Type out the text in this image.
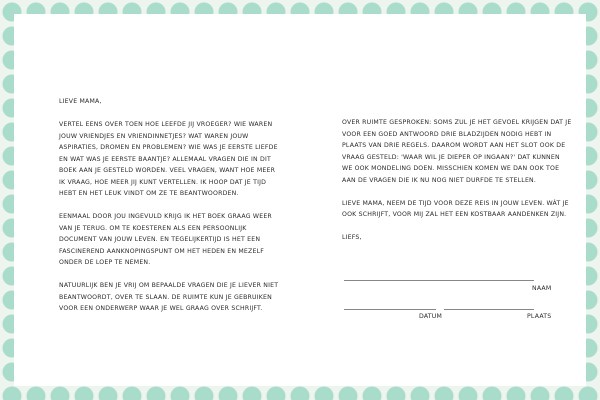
LIEVE MAMA,

VERTEL EENS OVER TOEN HOE LEEFDE JIJ VROEGER? WIE WAREN JOUW VRIENDJES EN VRIENDINNETJES? WAT WAREN JOUW ASPIRATIES, DROMEN EN PROBLEMEN? WIE WAS JE EERSTE LIEFDE EN WAT WAS JE EERSTE BAANTJE? ALLEMAAL VRAGEN DIE IN DIT BOEK AAN JE GESTELD WORDEN. VEEL VRAGEN, WANT HOE MEER IK VRAAG, HOE MEER JIJ KUNT VERTELLEN. IK HOOP DAT JE TIJD HEBT EN HET LEUK VINDT OM ZE TE BEANTWOORDEN.

EENMAAL DOOR JOU INGEVULD KRIJG IK HET BOEK GRAAG WEER VAN JE TERUG. OM TE KOESTEREN ALS EEN PERSOONLIJK DOCUMENT VAN JOUW LEVEN. EN TEGELIJKERTIJD IS HET EEN FASCINEREND AANKNOPINGSPUNT OM HET HEDEN EN MEZELF ONDER DE LOEP TE NEMEN.

NATUURLIJK BEN JE VRIJ OM BEPAALDE VRAGEN DIE JE LIEVER NIET BEANTWOORDT, OVER TE SLAAN. DE RUIMTE KUN JE GEBRUIKEN VOOR EEN ONDERWERP WAAR JE WEL GRAAG OVER SCHRIJFT.

OVER RUIMTE GESPROKEN: SOMS ZUL JE HET GEVOEL KRIJGEN DAT JE VOOR EEN GOED ANTWOORD DRIE BLADZIJDEN NODIG HEBT IN PLAATS VAN DRIE REGELS. DAAROM WORDT AAN HET SLOT OOK DE VRAAG GESTELD: 'WAAR WIL JE DIEPER OP INGAAN?' DAT KUNNEN WE OOK MONDELING DOEN. MISSCHIEN KOMEN WE DAN OOK TOE AAN DE VRAGEN DIE IK NU NOG NIET DURFDE TE STELLEN.

LIEVE MAMA, NEEM DE TIJD VOOR DEZE REIS IN JOUW LEVEN. WÁT JE OOK SCHRIJFT, VOOR MIJ ZAL HET EEN KOSTBAAR AANDENKEN ZIJN.

LIEFS,

NAAM
DATUM	PLAATS
